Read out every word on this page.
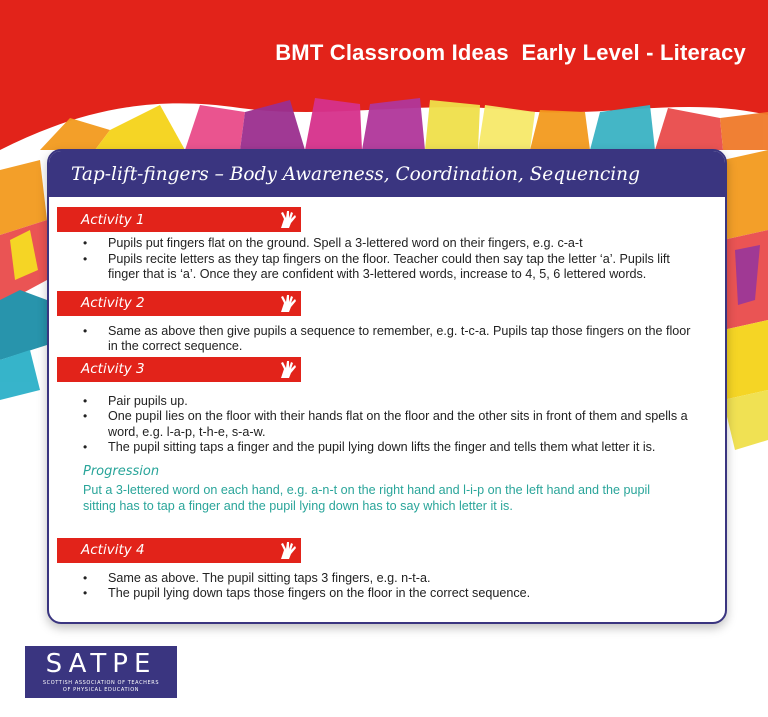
BMT Classroom Ideas  Early Level - Literacy
Tap-lift-fingers – Body Awareness, Coordination, Sequencing
Activity 1
• Pupils put fingers flat on the ground. Spell a 3-lettered word on their fingers, e.g. c-a-t
• Pupils recite letters as they tap fingers on the floor. Teacher could then say tap the letter ‘a’. Pupils lift finger that is ‘a’. Once they are confident with 3-lettered words, increase to 4, 5, 6 lettered words.
Activity 2
• Same as above then give pupils a sequence to remember, e.g. t-c-a. Pupils tap those fingers on the floor in the correct sequence.
Activity 3
• Pair pupils up.
• One pupil lies on the floor with their hands flat on the floor and the other sits in front of them and spells a word, e.g. l-a-p, t-h-e, s-a-w.
• The pupil sitting taps a finger and the pupil lying down lifts the finger and tells them what letter it is.
Progression
Put a 3-lettered word on each hand, e.g. a-n-t on the right hand and l-i-p on the left hand and the pupil sitting has to tap a finger and the pupil lying down has to say which letter it is.
Activity 4
• Same as above. The pupil sitting taps 3 fingers, e.g. n-t-a.
• The pupil lying down taps those fingers on the floor in the correct sequence.
SATPE
SCOTTISH ASSOCIATION OF TEACHERS
OF PHYSICAL EDUCATION
